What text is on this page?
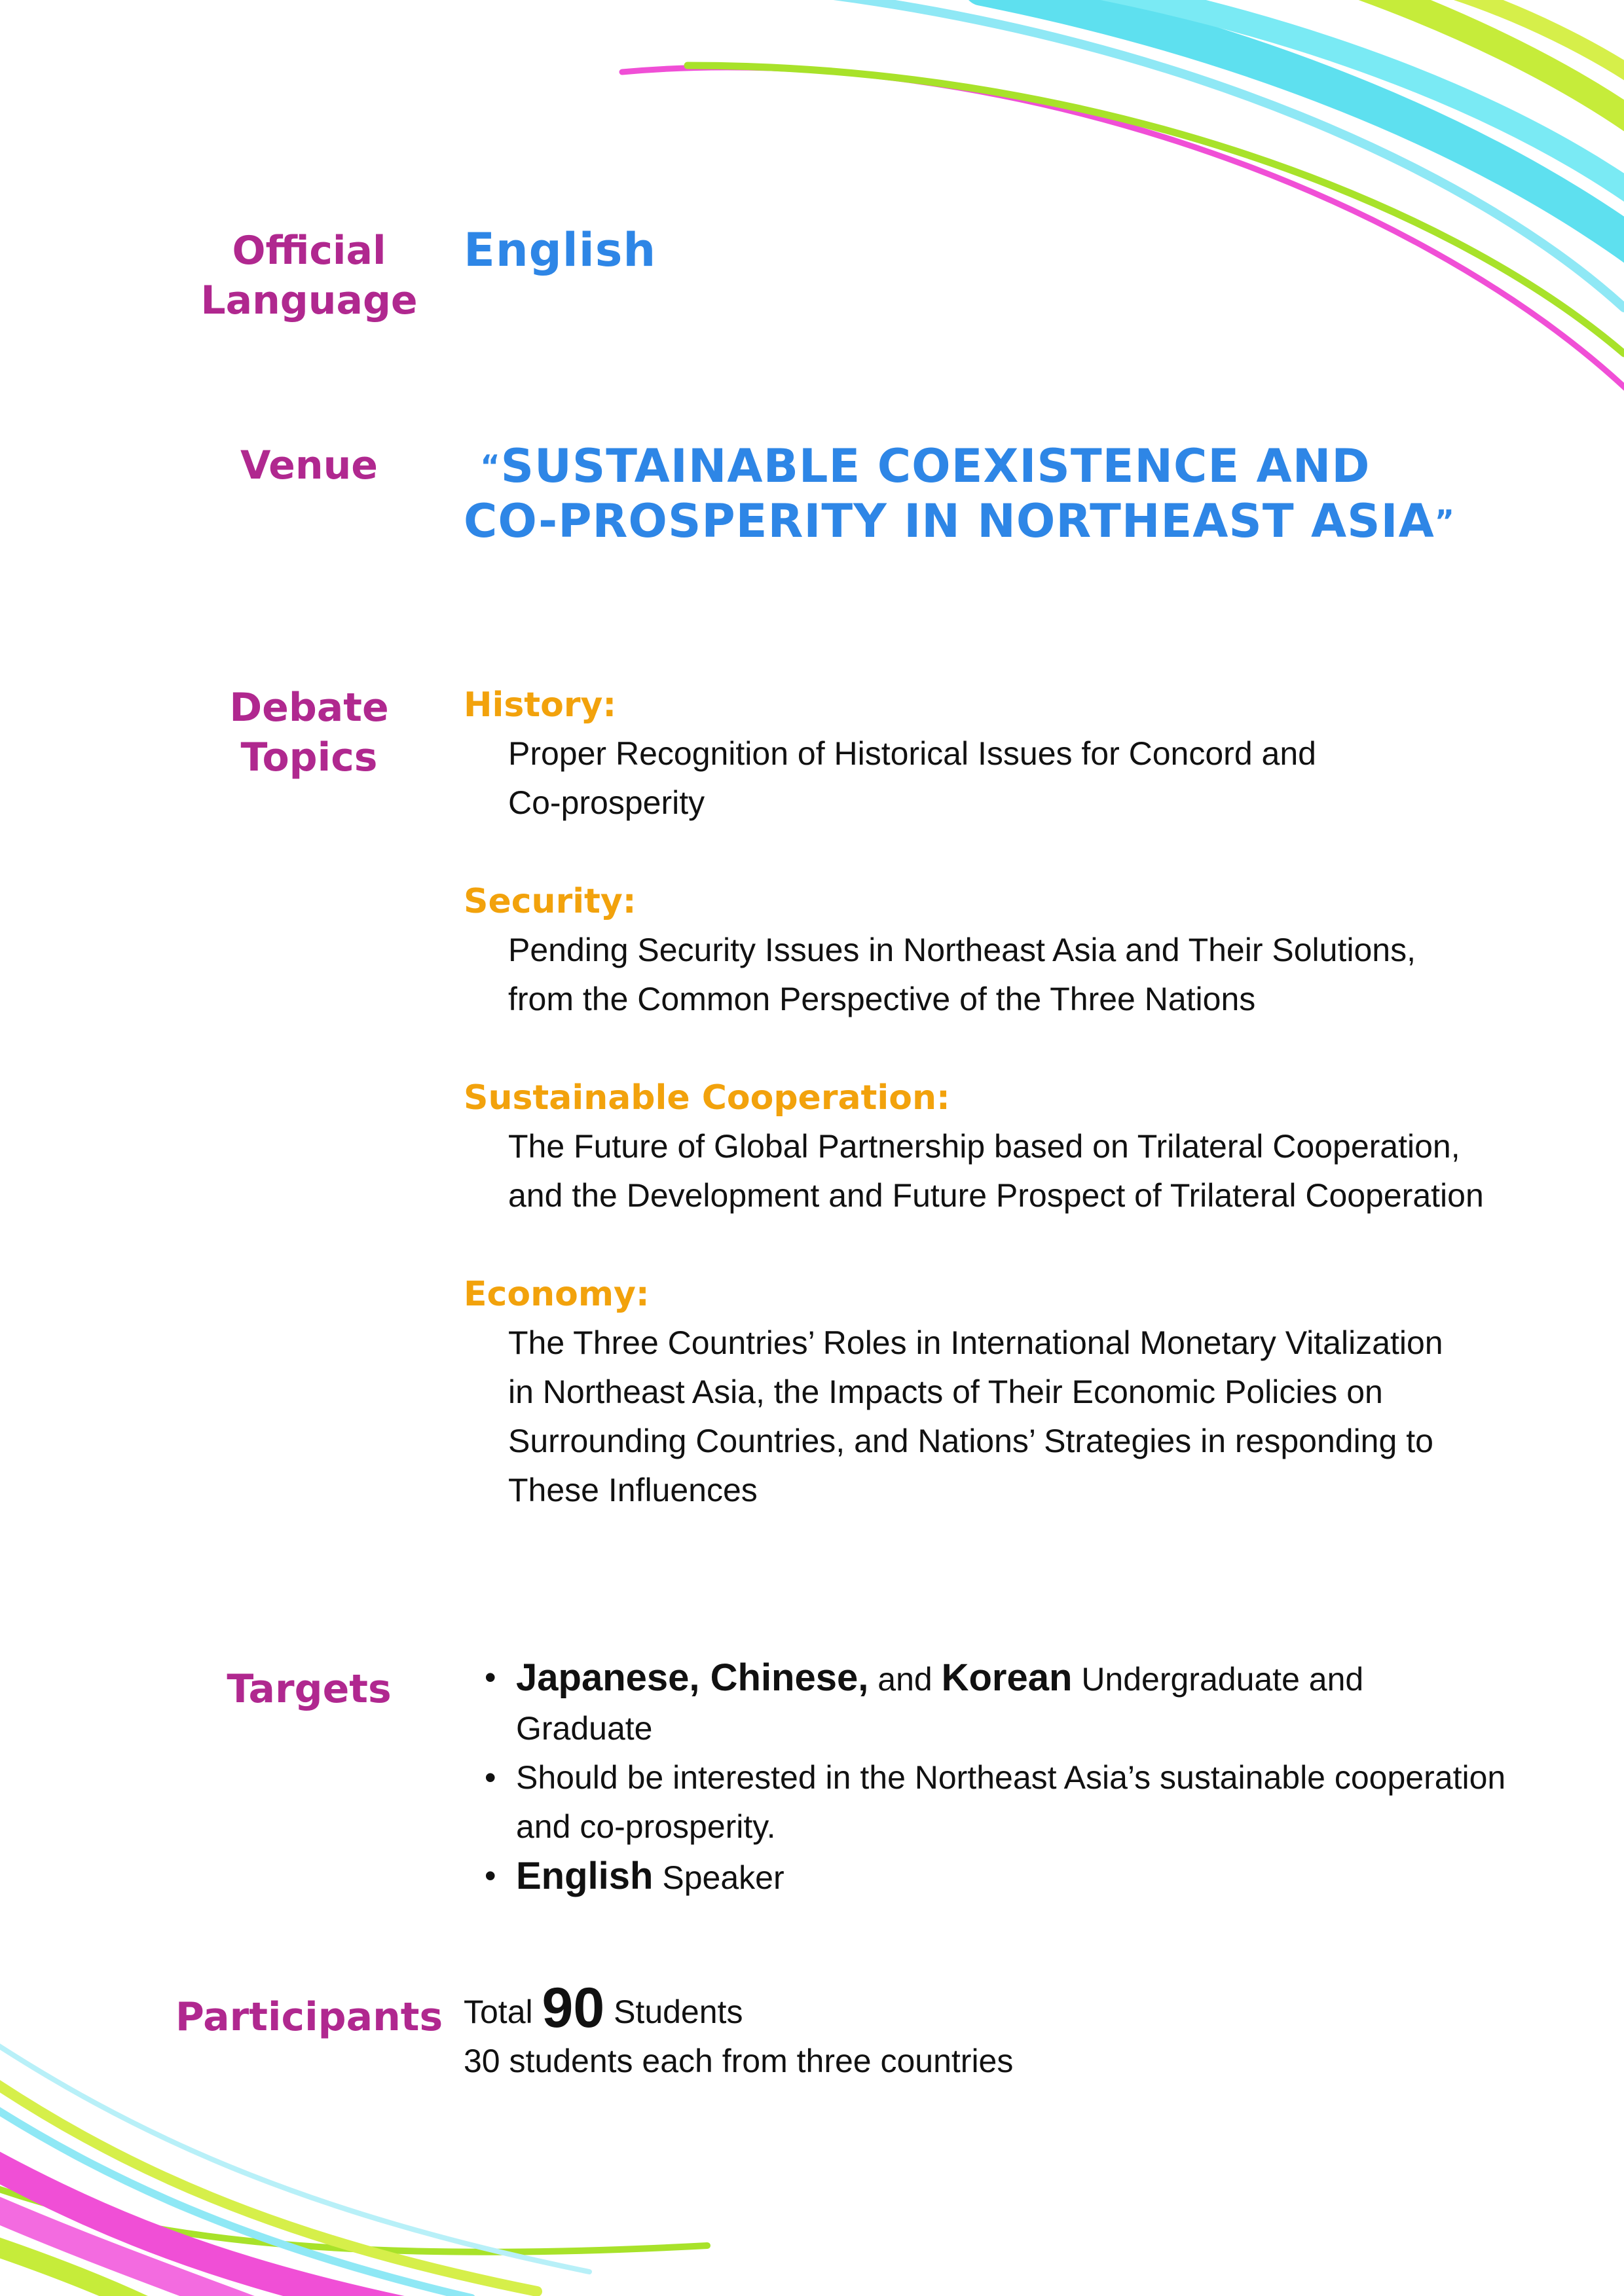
Official
Language
English
Venue	“SUSTAINABLE COEXISTENCE AND
CO-PROSPERITY IN NORTHEAST ASIA”
Debate
Topics
History:
Proper Recognition of Historical Issues for Concord and
Co-prosperity
Security:
Pending Security Issues in Northeast Asia and Their Solutions,
from the Common Perspective of the Three Nations
Sustainable Cooperation:
The Future of Global Partnership based on Trilateral Cooperation,
and the Development and Future Prospect of Trilateral Cooperation
Economy:
The Three Countries’ Roles in International Monetary Vitalization
in Northeast Asia, the Impacts of Their Economic Policies on
Surrounding Countries, and Nations’ Strategies in responding to
These Influences
Targets	• Japanese, Chinese, and Korean Undergraduate and Graduate
• Should be interested in the Northeast Asia’s sustainable cooperation
and co-prosperity.
• English Speaker
Participants Total 90 Students
30 students each from three countries
